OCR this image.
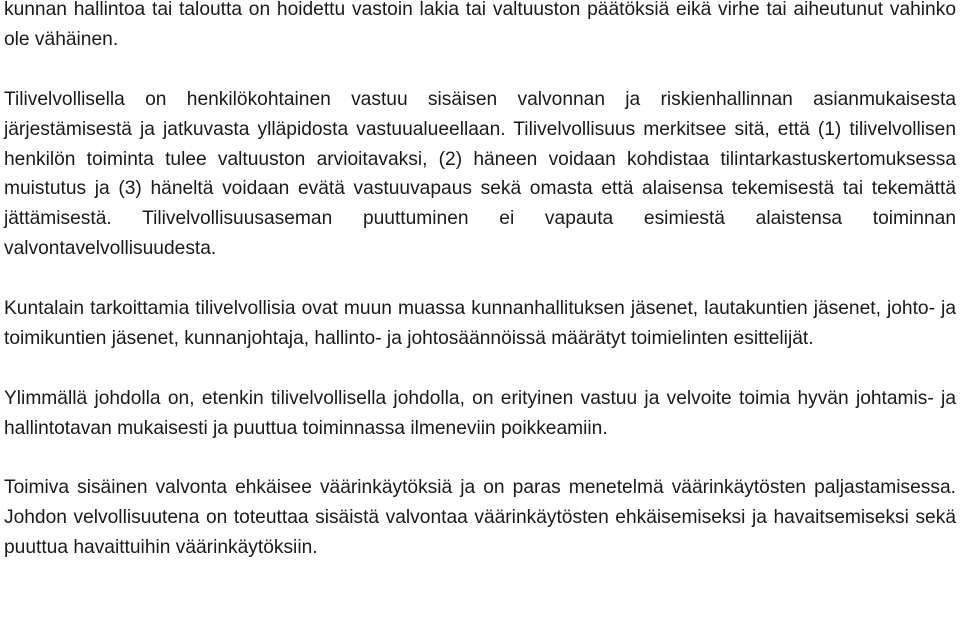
kunnan hallintoa tai taloutta on hoidettu vastoin lakia tai valtuuston päätöksiä eikä virhe tai aiheutunut vahinko ole vähäinen.

Tilivelvollisella on henkilökohtainen vastuu sisäisen valvonnan ja riskienhallinnan asianmukaisesta järjestämisestä ja jatkuvasta ylläpidosta vastuualueellaan. Tilivelvollisuus merkitsee sitä, että (1) tilivelvollisen henkilön toiminta tulee valtuuston arvioitavaksi, (2) häneen voidaan kohdistaa tilintarkastuskertomuksessa muistutus ja (3) häneltä voidaan evätä vastuuvapaus sekä omasta että alaisensa tekemisestä tai tekemättä jättämisestä. Tilivelvollisuusaseman puuttuminen ei vapauta esimiestä alaistensa toiminnan valvontavelvollisuudesta.

Kuntalain tarkoittamia tilivelvollisia ovat muun muassa kunnanhallituksen jäsenet, lautakuntien jäsenet, johto- ja toimikuntien jäsenet, kunnanjohtaja, hallinto- ja johtosäännöissä määrätyt toimielinten esittelijät.

Ylimmällä johdolla on, etenkin tilivelvollisella johdolla, on erityinen vastuu ja velvoite toimia hyvän johtamis- ja hallintotavan mukaisesti ja puuttua toiminnassa ilmeneviin poikkeamiin.

Toimiva sisäinen valvonta ehkäisee väärinkäytöksiä ja on paras menetelmä väärinkäytösten paljastamisessa. Johdon velvollisuutena on toteuttaa sisäistä valvontaa väärinkäytösten ehkäisemiseksi ja havaitsemiseksi sekä puuttua havaittuihin väärinkäytöksiin.
